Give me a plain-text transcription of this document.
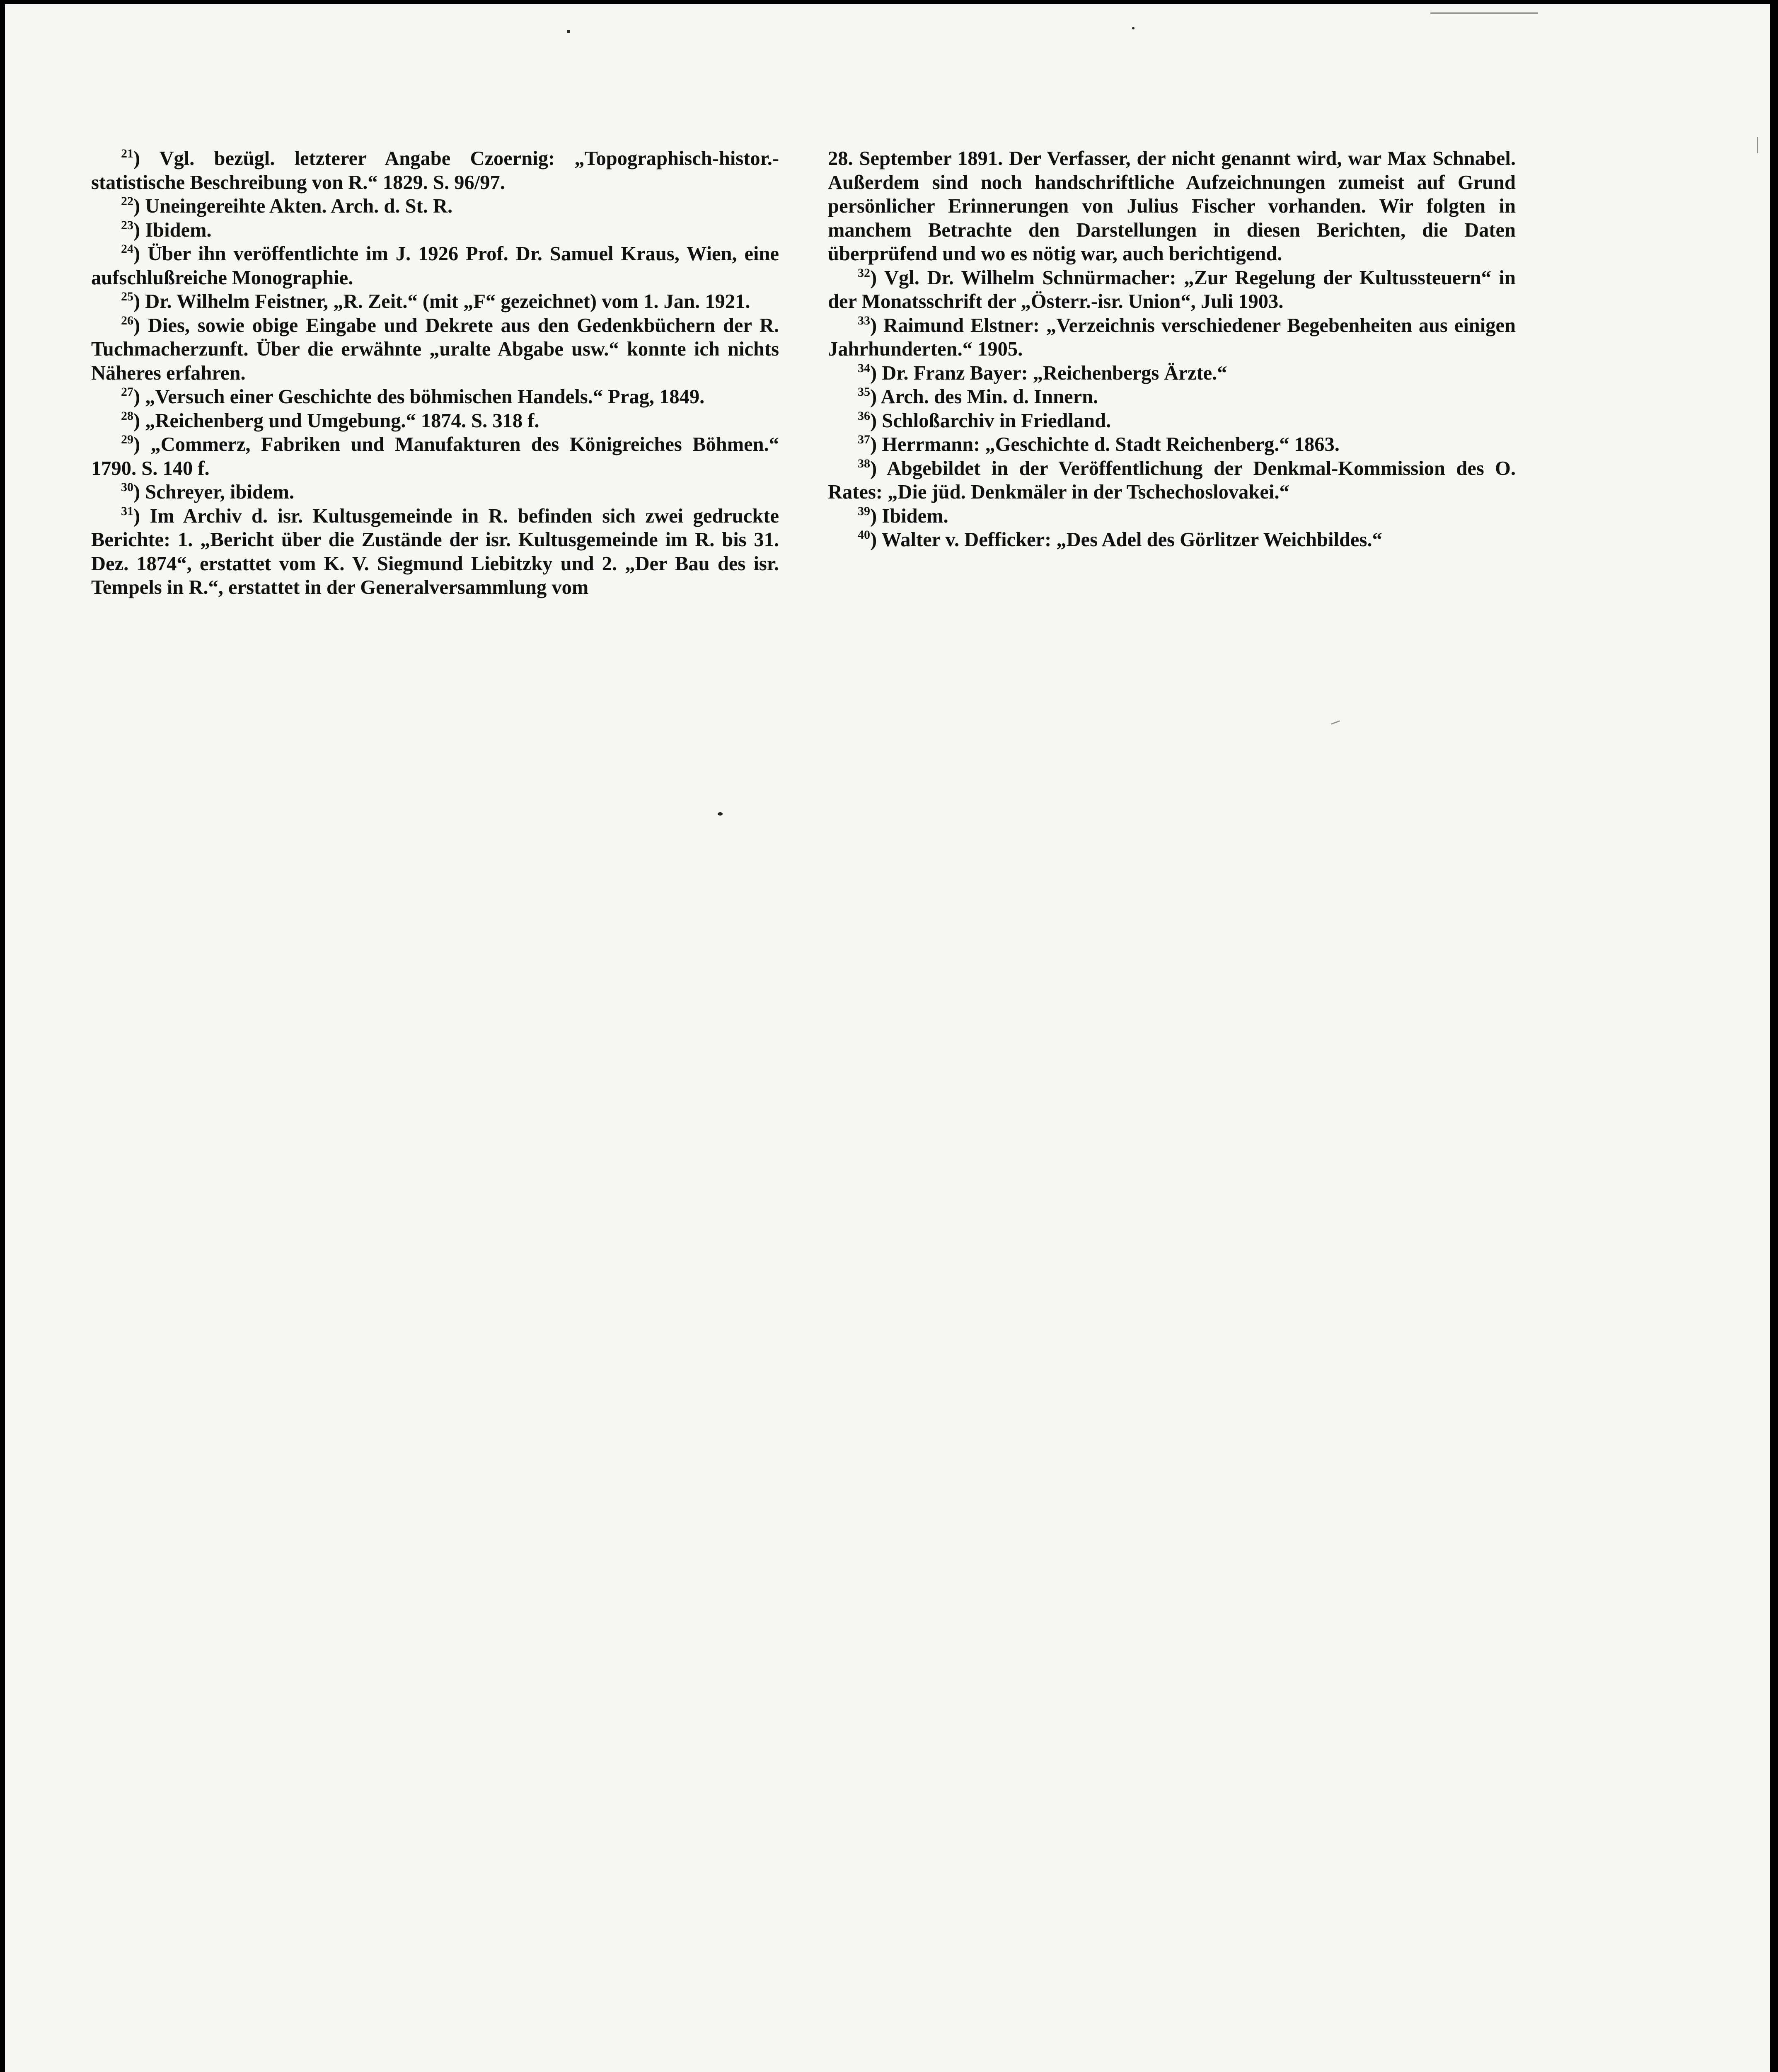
$^{21}$) Vgl. bezügl. letzterer Angabe Czoernig: „Topographisch-histor.-statistische Beschreibung von R.“ 1829. S. 96/97.

$^{22}$) Uneingereihte Akten. Arch. d. St. R.

$^{23}$) Ibidem.

$^{24}$) Über ihn veröffentlichte im J. 1926 Prof. Dr. Samuel Kraus, Wien, eine aufschlußreiche Monographie.

$^{25}$) Dr. Wilhelm Feistner, „R. Zeit.“ (mit „F“ gezeichnet) vom 1. Jan. 1921.

$^{26}$) Dies, sowie obige Eingabe und Dekrete aus den Gedenkbüchern der R. Tuchmacherzunft. Über die erwähnte „uralte Abgabe usw.“ konnte ich nichts Näheres erfahren.

$^{27}$) „Versuch einer Geschichte des böhmischen Handels.“ Prag, 1849.

$^{28}$) „Reichenberg und Umgebung.“ 1874. S. 318 f.

$^{29}$) „Commerz, Fabriken und Manufakturen des Königreiches Böhmen.“ 1790. S. 140 f.

$^{30}$) Schreyer, ibidem.

$^{31}$) Im Archiv d. isr. Kultusgemeinde in R. befinden sich zwei gedruckte Berichte: 1. „Bericht über die Zustände der isr. Kultusgemeinde im R. bis 31. Dez. 1874“, erstattet vom K. V. Siegmund Liebitzky und 2. „Der Bau des isr. Tempels in R.“, erstattet in der Generalversammlung vom

28. September 1891. Der Verfasser, der nicht genannt wird, war Max Schnabel. Außerdem sind noch handschriftliche Aufzeichnungen zumeist auf Grund persönlicher Erinnerungen von Julius Fischer vorhanden. Wir folgten in manchem Betrachte den Darstellungen in diesen Berichten, die Daten überprüfend und wo es nötig war, auch berichtigend.

$^{32}$) Vgl. Dr. Wilhelm Schnürmacher: „Zur Regelung der Kultussteuern“ in der Monatsschrift der „Österr.-isr. Union“, Juli 1903.

$^{33}$) Raimund Elstner: „Verzeichnis verschiedener Begebenheiten aus einigen Jahrhunderten.“ 1905.

$^{34}$) Dr. Franz Bayer: „Reichenbergs Ärzte.“

$^{35}$) Arch. des Min. d. Innern.

$^{36}$) Schloßarchiv in Friedland.

$^{37}$) Herrmann: „Geschichte d. Stadt Reichenberg.“ 1863.

$^{38}$) Abgebildet in der Veröffentlichung der Denkmal-Kommission des O. Rates: „Die jüd. Denkmäler in der Tschechoslovakei.“

$^{39}$) Ibidem.

$^{40}$) Walter v. Defficker: „Des Adel des Görlitzer Weichbildes.“
